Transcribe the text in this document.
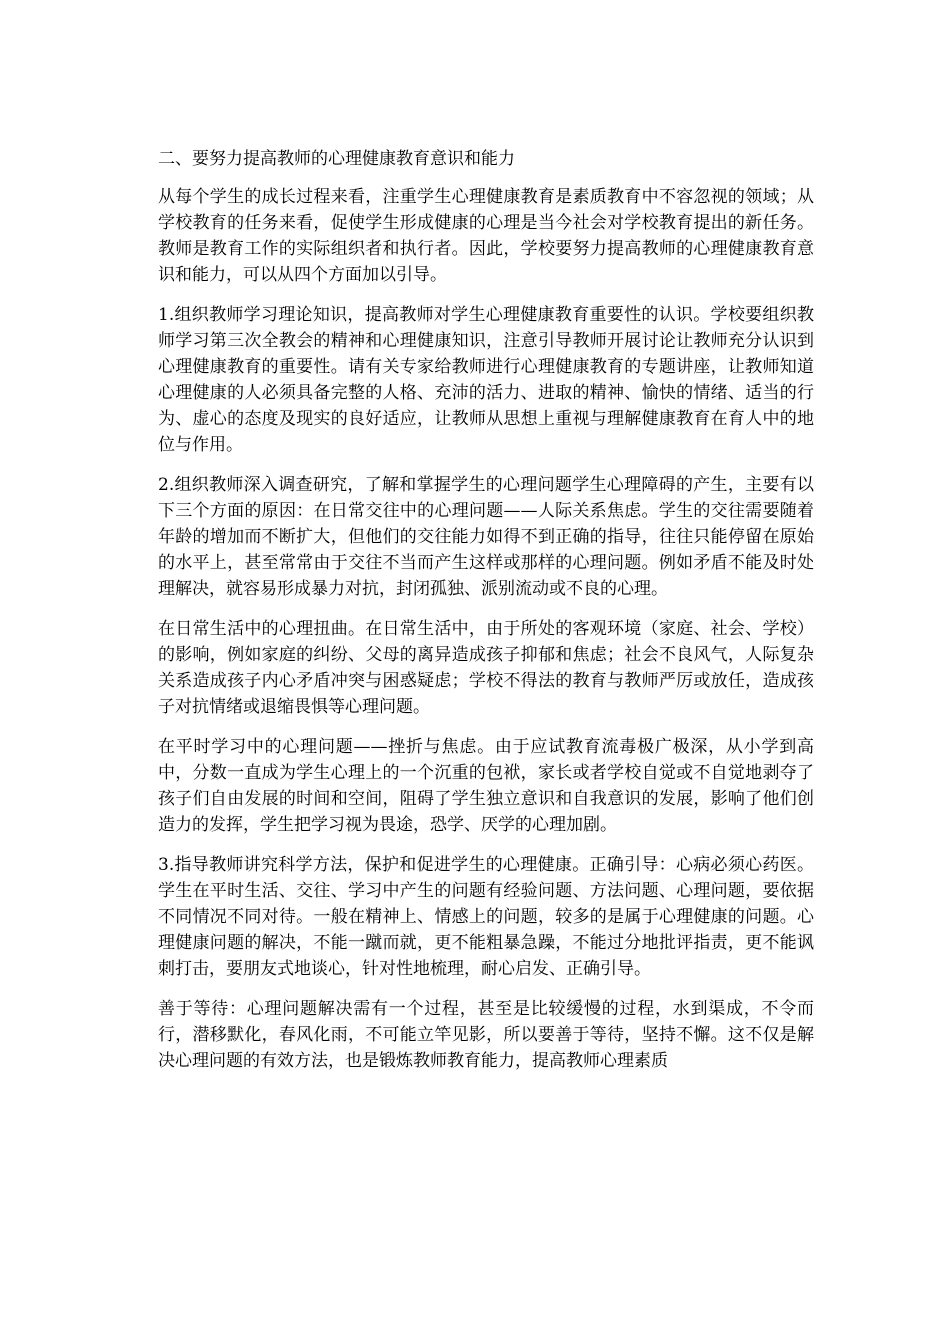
二、要努力提高教师的心理健康教育意识和能力

从每个学生的成长过程来看，注重学生心理健康教育是素质教育中不容忽视的领域；从学校教育的任务来看，促使学生形成健康的心理是当今社会对学校教育提出的新任务。教师是教育工作的实际组织者和执行者。因此，学校要努力提高教师的心理健康教育意识和能力，可以从四个方面加以引导。

1.组织教师学习理论知识，提高教师对学生心理健康教育重要性的认识。学校要组织教师学习第三次全教会的精神和心理健康知识，注意引导教师开展讨论让教师充分认识到心理健康教育的重要性。请有关专家给教师进行心理健康教育的专题讲座，让教师知道心理健康的人必须具备完整的人格、充沛的活力、进取的精神、愉快的情绪、适当的行为、虚心的态度及现实的良好适应，让教师从思想上重视与理解健康教育在育人中的地位与作用。

2.组织教师深入调查研究，了解和掌握学生的心理问题学生心理障碍的产生，主要有以下三个方面的原因：在日常交往中的心理问题——人际关系焦虑。学生的交往需要随着年龄的增加而不断扩大，但他们的交往能力如得不到正确的指导，往往只能停留在原始的水平上，甚至常常由于交往不当而产生这样或那样的心理问题。例如矛盾不能及时处理解决，就容易形成暴力对抗，封闭孤独、派别流动或不良的心理。

在日常生活中的心理扭曲。在日常生活中，由于所处的客观环境（家庭、社会、学校）的影响，例如家庭的纠纷、父母的离异造成孩子抑郁和焦虑；社会不良风气，人际复杂关系造成孩子内心矛盾冲突与困惑疑虑；学校不得法的教育与教师严厉或放任，造成孩子对抗情绪或退缩畏惧等心理问题。

在平时学习中的心理问题——挫折与焦虑。由于应试教育流毒极广极深，从小学到高中，分数一直成为学生心理上的一个沉重的包袱，家长或者学校自觉或不自觉地剥夺了孩子们自由发展的时间和空间，阻碍了学生独立意识和自我意识的发展，影响了他们创造力的发挥，学生把学习视为畏途，恐学、厌学的心理加剧。

3.指导教师讲究科学方法，保护和促进学生的心理健康。正确引导：心病必须心药医。学生在平时生活、交往、学习中产生的问题有经验问题、方法问题、心理问题，要依据不同情况不同对待。一般在精神上、情感上的问题，较多的是属于心理健康的问题。心理健康问题的解决，不能一蹴而就，更不能粗暴急躁，不能过分地批评指责，更不能讽刺打击，要朋友式地谈心，针对性地梳理，耐心启发、正确引导。

善于等待：心理问题解决需有一个过程，甚至是比较缓慢的过程，水到渠成，不令而行，潜移默化，春风化雨，不可能立竿见影，所以要善于等待，坚持不懈。这不仅是解决心理问题的有效方法，也是锻炼教师教育能力，提高教师心理素质
